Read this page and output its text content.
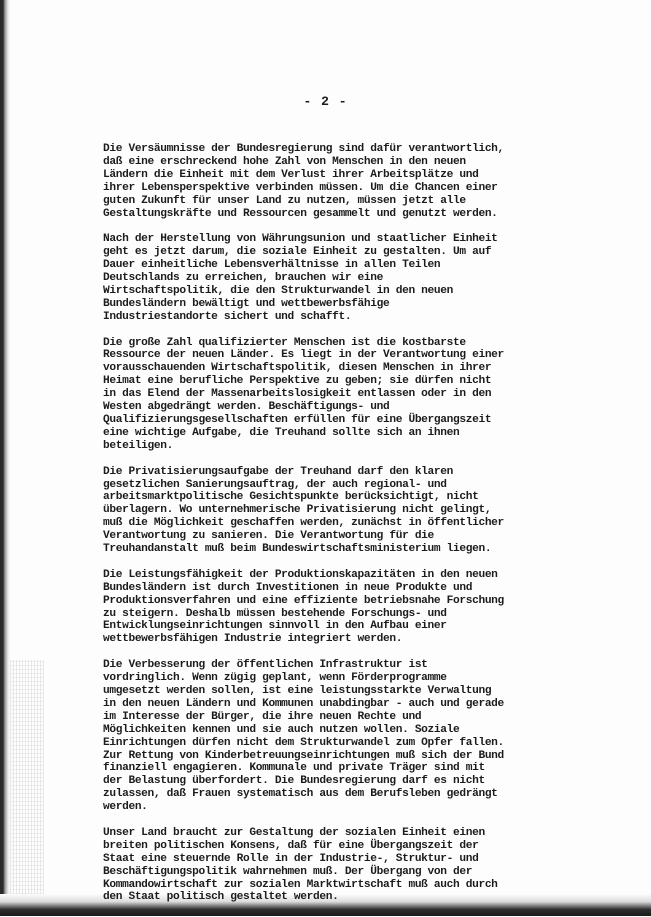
- 2 -
Die Versäumnisse der Bundesregierung sind dafür verantwortlich,
daß eine erschreckend hohe Zahl von Menschen in den neuen
Ländern die Einheit mit dem Verlust ihrer Arbeitsplätze und
ihrer Lebensperspektive verbinden müssen. Um die Chancen einer
guten Zukunft für unser Land zu nutzen, müssen jetzt alle
Gestaltungskräfte und Ressourcen gesammelt und genutzt werden.
Nach der Herstellung von Währungsunion und staatlicher Einheit
geht es jetzt darum, die soziale Einheit zu gestalten. Um auf
Dauer einheitliche Lebensverhältnisse in allen Teilen
Deutschlands zu erreichen, brauchen wir eine
Wirtschaftspolitik, die den Strukturwandel in den neuen
Bundesländern bewältigt und wettbewerbsfähige
Industriestandorte sichert und schafft.
Die große Zahl qualifizierter Menschen ist die kostbarste
Ressource der neuen Länder. Es liegt in der Verantwortung einer
vorausschauenden Wirtschaftspolitik, diesen Menschen in ihrer
Heimat eine berufliche Perspektive zu geben; sie dürfen nicht
in das Elend der Massenarbeitslosigkeit entlassen oder in den
Westen abgedrängt werden. Beschäftigungs- und
Qualifizierungsgesellschaften erfüllen für eine Übergangszeit
eine wichtige Aufgabe, die Treuhand sollte sich an ihnen
beteiligen.
Die Privatisierungsaufgabe der Treuhand darf den klaren
gesetzlichen Sanierungsauftrag, der auch regional- und
arbeitsmarktpolitische Gesichtspunkte berücksichtigt, nicht
überlagern. Wo unternehmerische Privatisierung nicht gelingt,
muß die Möglichkeit geschaffen werden, zunächst in öffentlicher
Verantwortung zu sanieren. Die Verantwortung für die
Treuhandanstalt muß beim Bundeswirtschaftsministerium liegen.
Die Leistungsfähigkeit der Produktionskapazitäten in den neuen
Bundesländern ist durch Investitionen in neue Produkte und
Produktionsverfahren und eine effiziente betriebsnahe Forschung
zu steigern. Deshalb müssen bestehende Forschungs- und
Entwicklungseinrichtungen sinnvoll in den Aufbau einer
wettbewerbsfähigen Industrie integriert werden.
Die Verbesserung der öffentlichen Infrastruktur ist
vordringlich. Wenn zügig geplant, wenn Förderprogramme
umgesetzt werden sollen, ist eine leistungsstarkte Verwaltung
in den neuen Ländern und Kommunen unabdingbar - auch und gerade
im Interesse der Bürger, die ihre neuen Rechte und
Möglichkeiten kennen und sie auch nutzen wollen. Soziale
Einrichtungen dürfen nicht dem Strukturwandel zum Opfer fallen.
Zur Rettung von Kinderbetreuungseinrichtungen muß sich der Bund
finanziell engagieren. Kommunale und private Träger sind mit
der Belastung überfordert. Die Bundesregierung darf es nicht
zulassen, daß Frauen systematisch aus dem Berufsleben gedrängt
werden.
Unser Land braucht zur Gestaltung der sozialen Einheit einen
breiten politischen Konsens, daß für eine Übergangszeit der
Staat eine steuernde Rolle in der Industrie-, Struktur- und
Beschäftigungspolitik wahrnehmen muß. Der Übergang von der
Kommandowirtschaft zur sozialen Marktwirtschaft muß auch durch
den Staat politisch gestaltet werden.
